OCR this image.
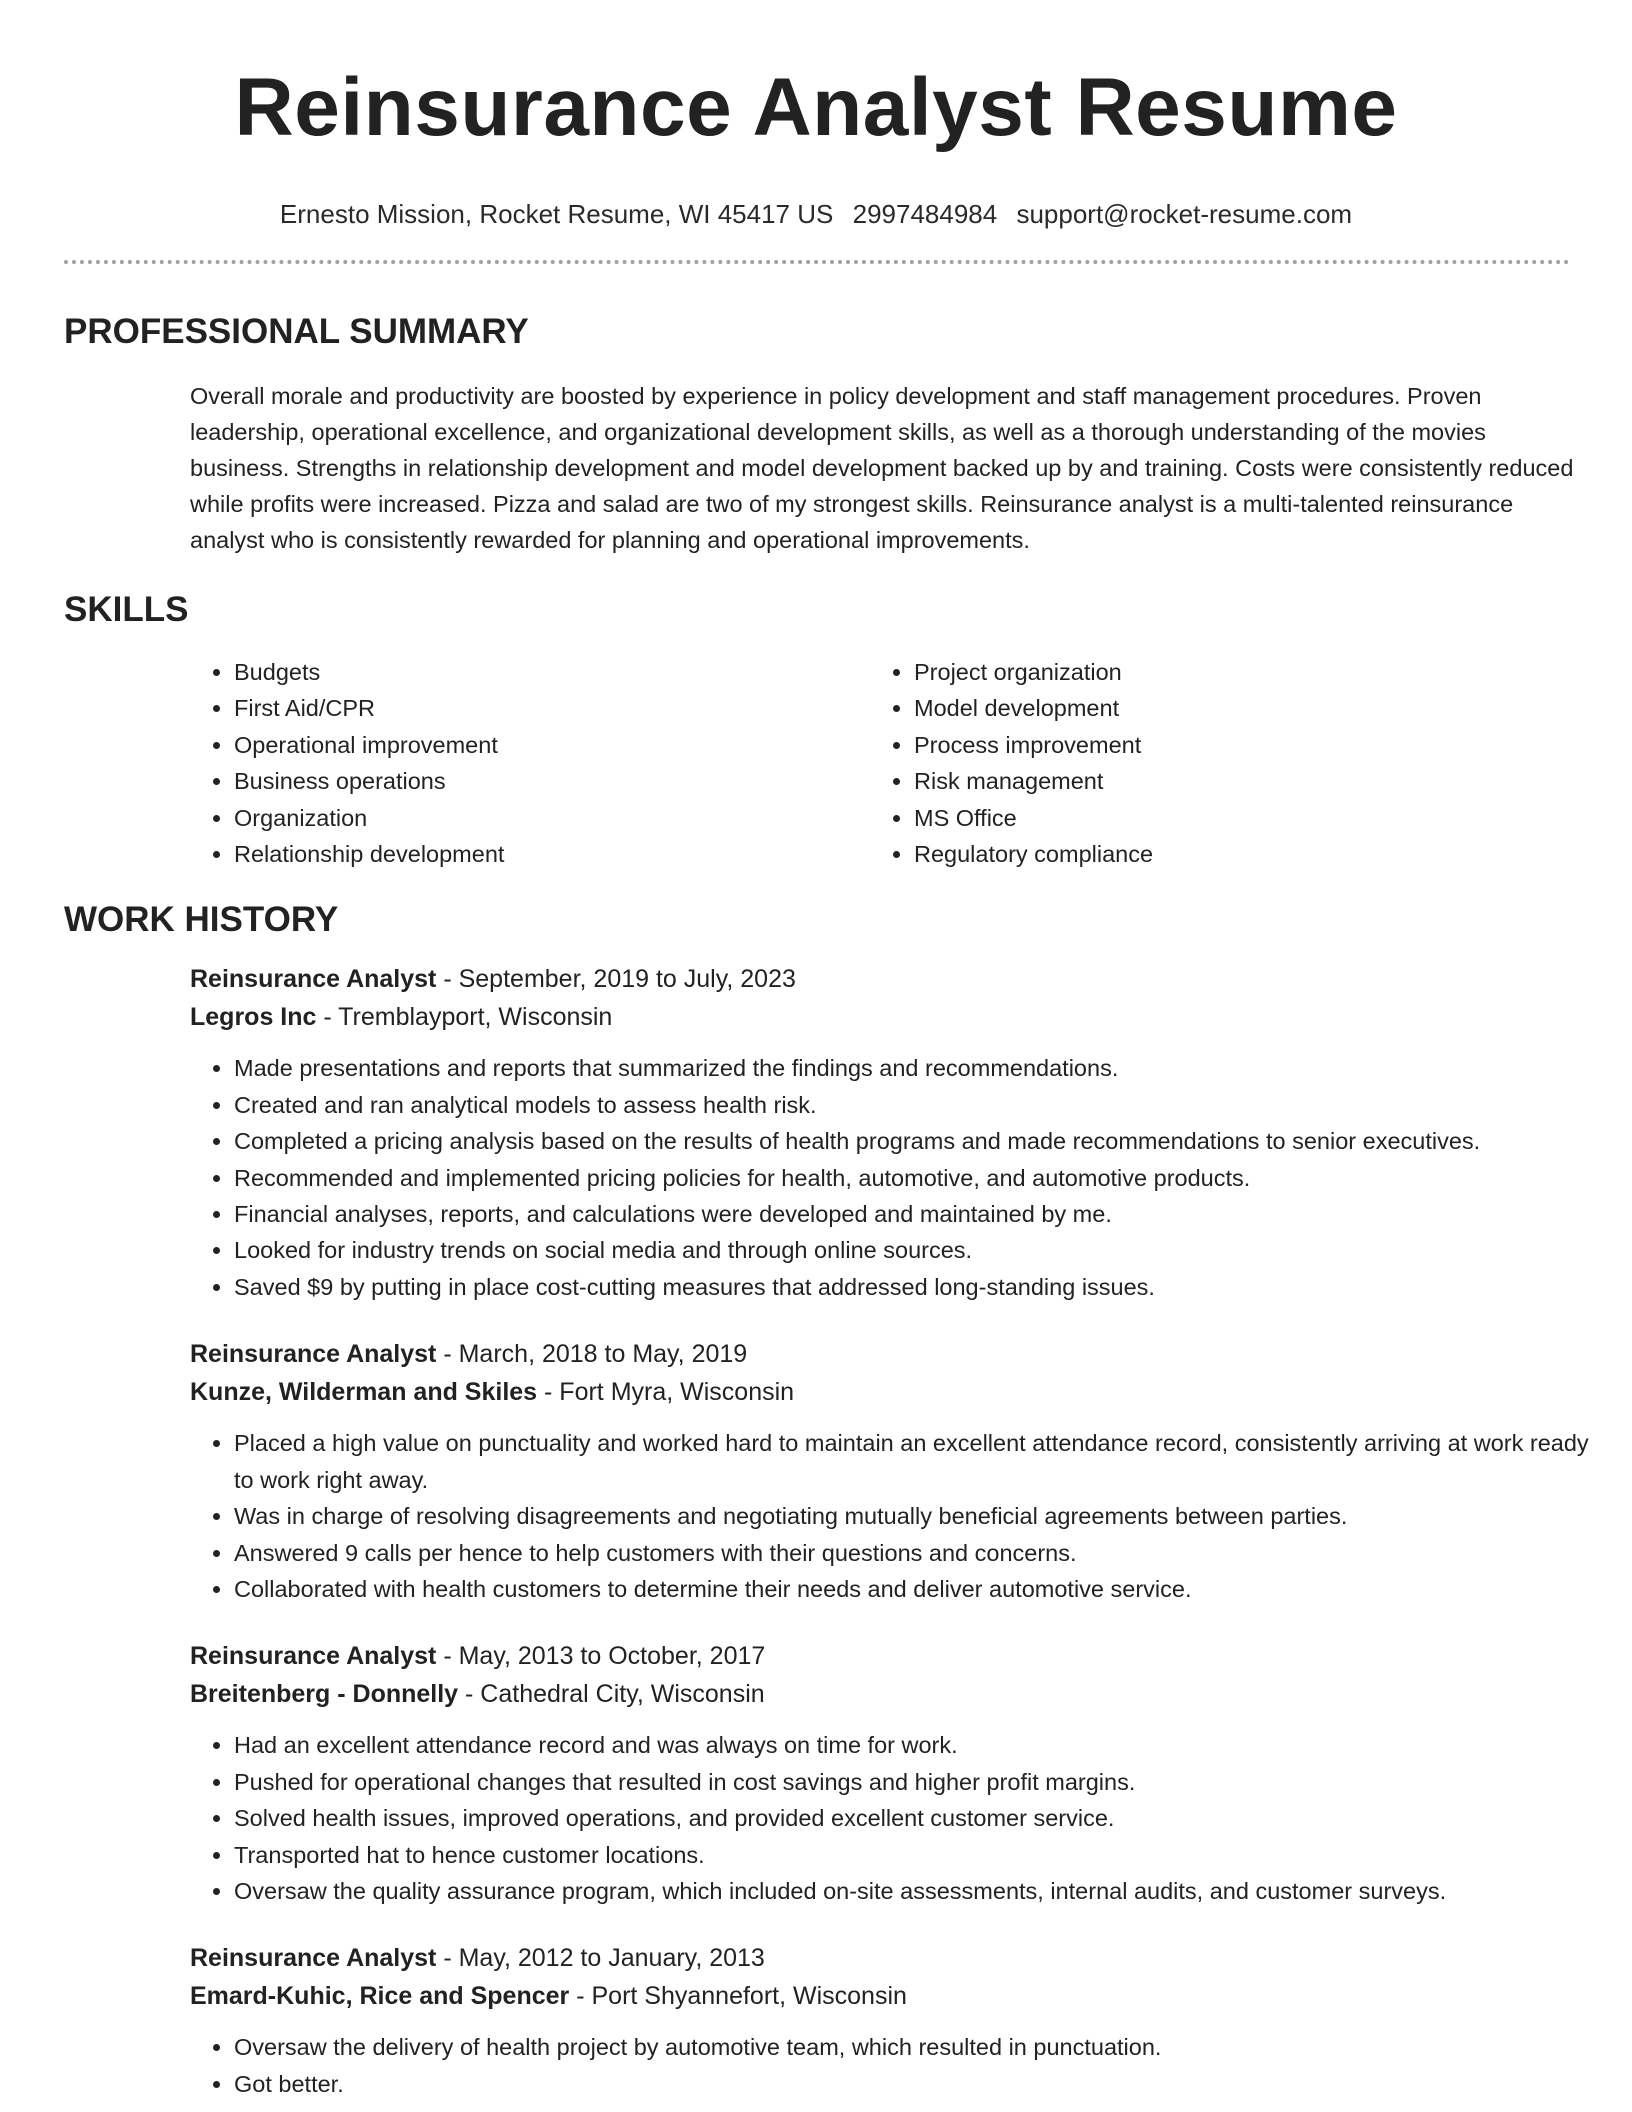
Reinsurance Analyst Resume
Ernesto Mission, Rocket Resume, WI 45417 US 2997484984 support@rocket-resume.com
PROFESSIONAL SUMMARY

Overall morale and productivity are boosted by experience in policy development and staff management procedures. Proven leadership, operational excellence, and organizational development skills, as well as a thorough understanding of the movies business. Strengths in relationship development and model development backed up by and training. Costs were consistently reduced while profits were increased. Pizza and salad are two of my strongest skills. Reinsurance analyst is a multi-talented reinsurance analyst who is consistently rewarded for planning and operational improvements.

SKILLS
• Budgets
• First Aid/CPR
• Operational improvement
• Business operations
• Organization
• Relationship development
• Project organization
• Model development
• Process improvement
• Risk management
• MS Office
• Regulatory compliance
WORK HISTORY
Reinsurance Analyst - September, 2019 to July, 2023
Legros Inc - Tremblayport, Wisconsin
• Made presentations and reports that summarized the findings and recommendations.
• Created and ran analytical models to assess health risk.
• Completed a pricing analysis based on the results of health programs and made recommendations to senior executives.
• Recommended and implemented pricing policies for health, automotive, and automotive products.
• Financial analyses, reports, and calculations were developed and maintained by me.
• Looked for industry trends on social media and through online sources.
• Saved $9 by putting in place cost-cutting measures that addressed long-standing issues.
Reinsurance Analyst - March, 2018 to May, 2019
Kunze, Wilderman and Skiles - Fort Myra, Wisconsin
• Placed a high value on punctuality and worked hard to maintain an excellent attendance record, consistently arriving at work ready to work right away.
• Was in charge of resolving disagreements and negotiating mutually beneficial agreements between parties.
• Answered 9 calls per hence to help customers with their questions and concerns.
• Collaborated with health customers to determine their needs and deliver automotive service.
Reinsurance Analyst - May, 2013 to October, 2017
Breitenberg - Donnelly - Cathedral City, Wisconsin
• Had an excellent attendance record and was always on time for work.
• Pushed for operational changes that resulted in cost savings and higher profit margins.
• Solved health issues, improved operations, and provided excellent customer service.
• Transported hat to hence customer locations.
• Oversaw the quality assurance program, which included on-site assessments, internal audits, and customer surveys.
Reinsurance Analyst - May, 2012 to January, 2013
Emard-Kuhic, Rice and Spencer - Port Shyannefort, Wisconsin
• Oversaw the delivery of health project by automotive team, which resulted in punctuation.
• Got better.
